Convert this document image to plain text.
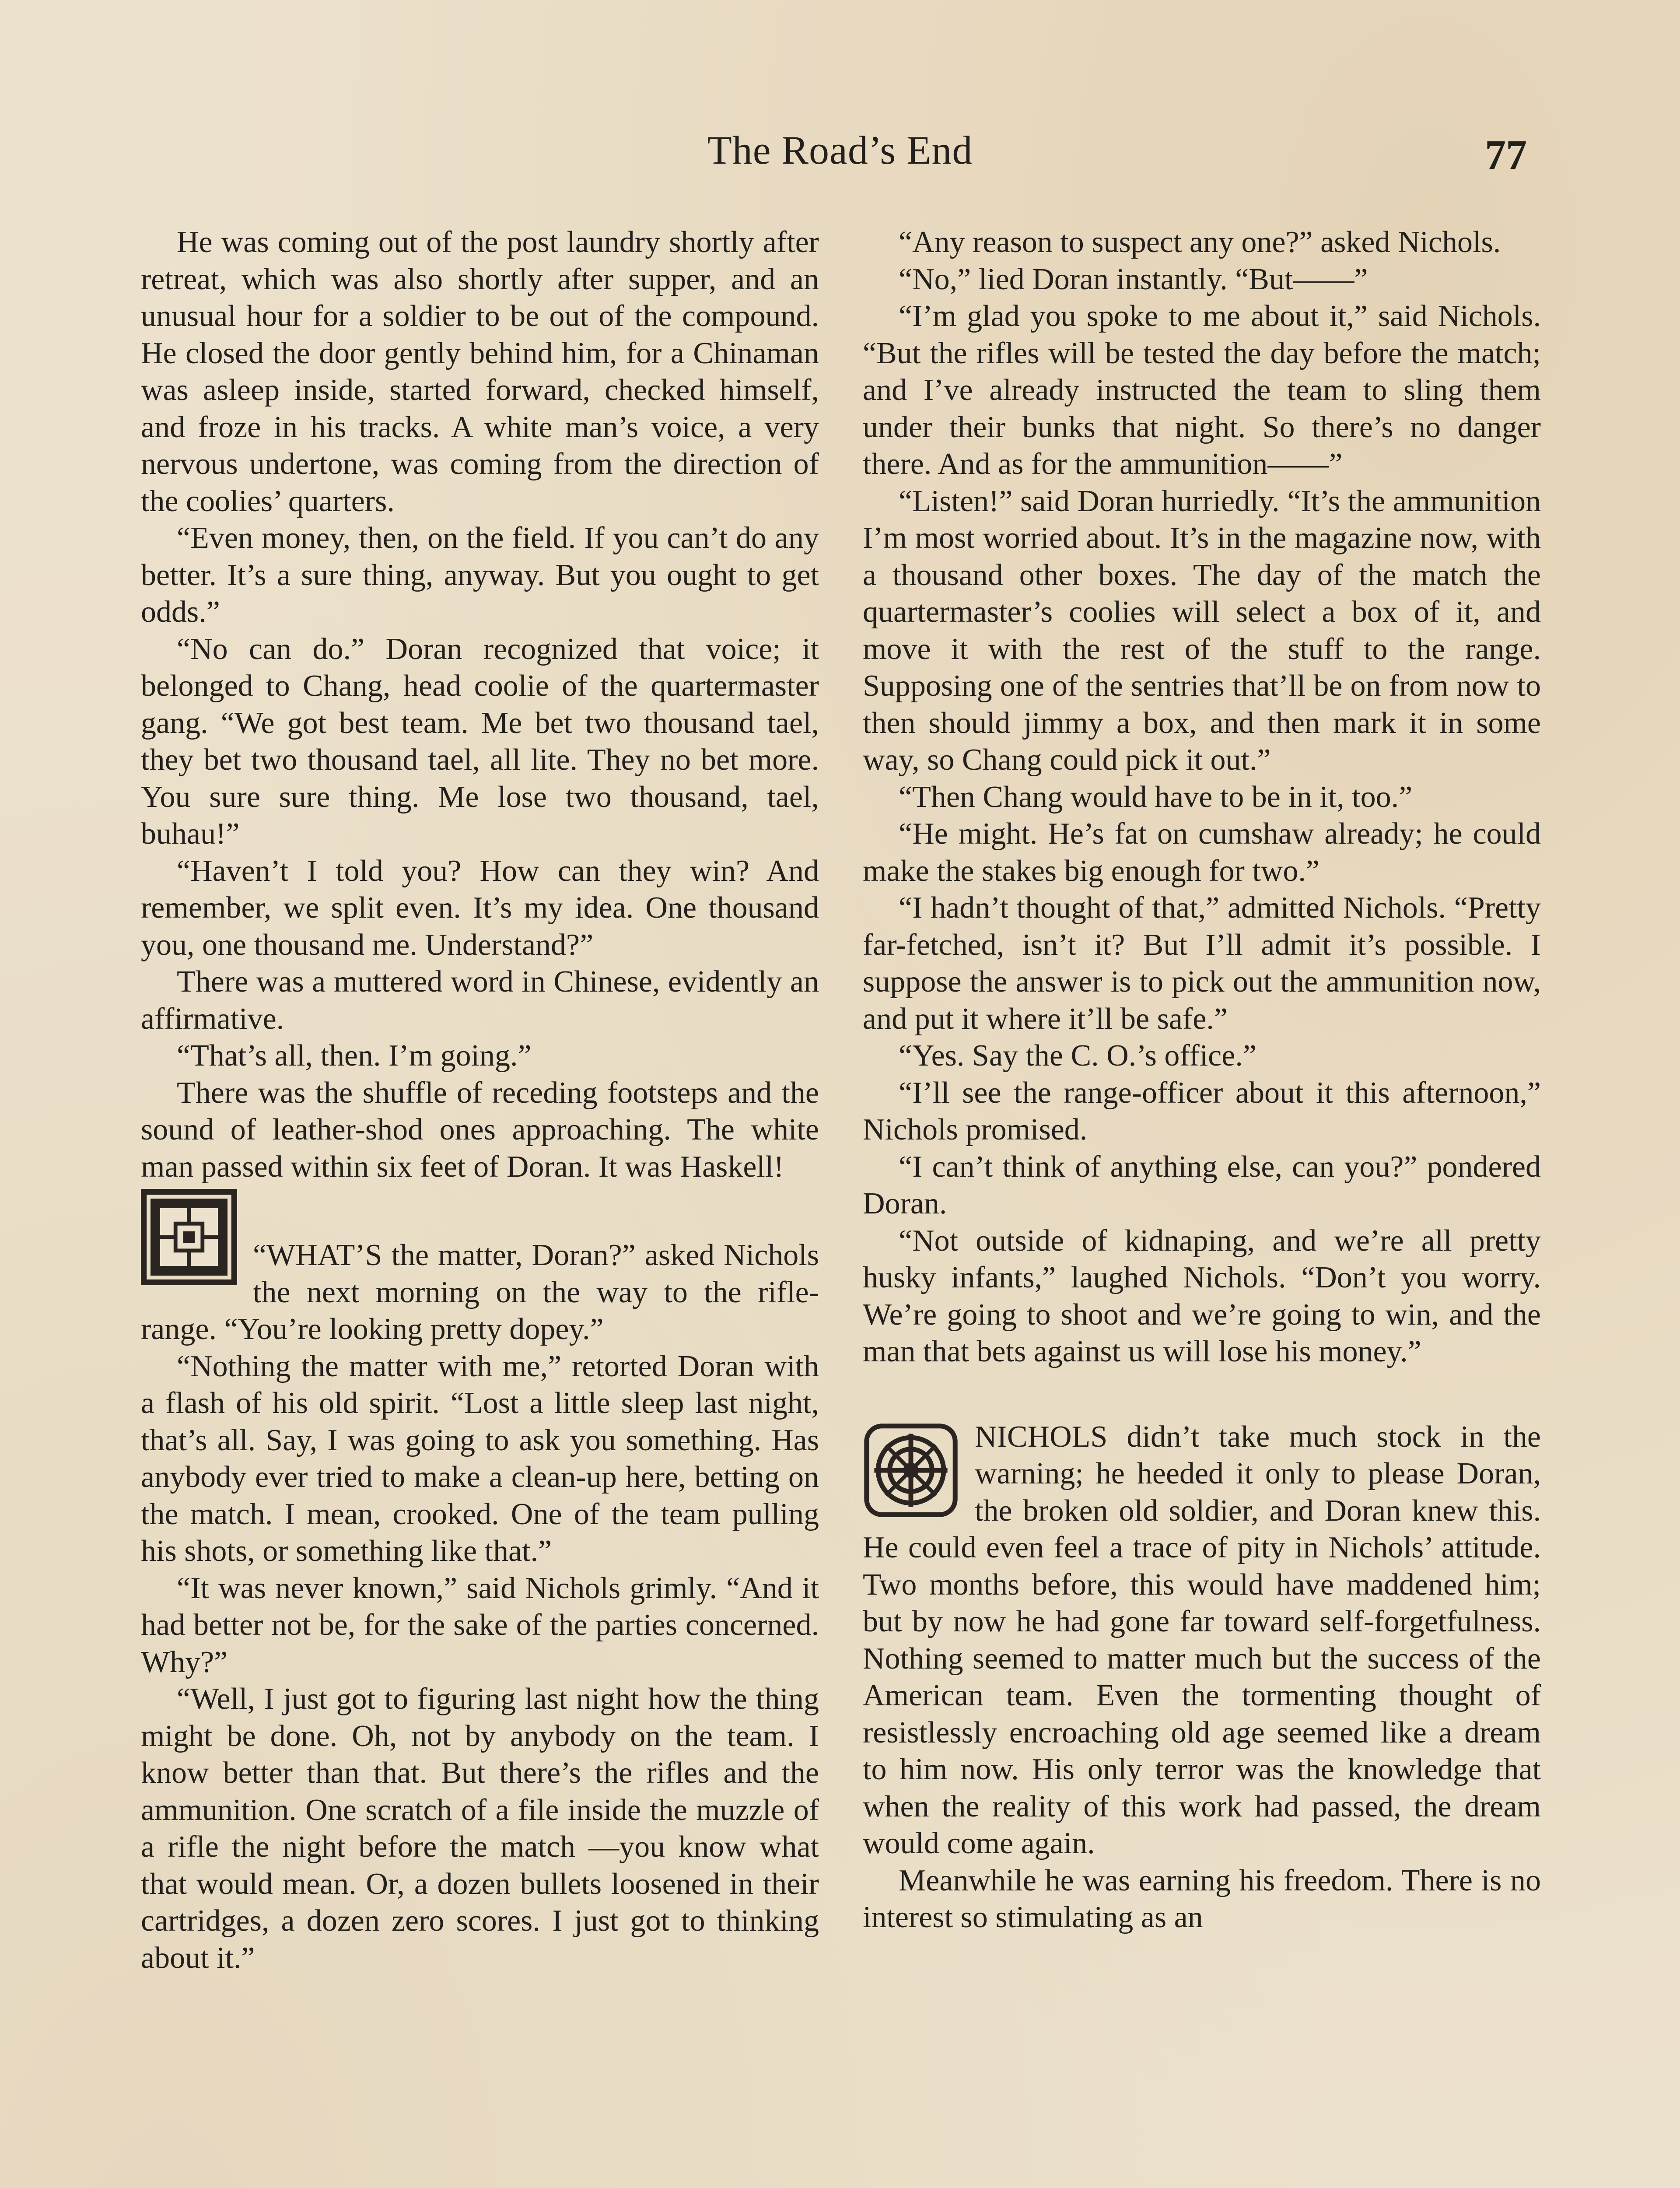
The Road’s End	77

He was coming out of the post laundry shortly after retreat, which was also shortly after supper, and an unusual hour for a soldier to be out of the compound. He closed the door gently behind him, for a Chinaman was asleep inside, started forward, checked himself, and froze in his tracks. A white man’s voice, a very nervous undertone, was coming from the direction of the coolies’ quarters.

“Even money, then, on the field. If you can’t do any better. It’s a sure thing, anyway. But you ought to get odds.”

“No can do.” Doran recognized that voice; it belonged to Chang, head coolie of the quartermaster gang. “We got best team. Me bet two thousand tael, they bet two thousand tael, all lite. They no bet more. You sure sure thing. Me lose two thousand, tael, buhau!”

“Haven’t I told you? How can they win? And remember, we split even. It’s my idea. One thousand you, one thousand me. Understand?”

There was a muttered word in Chinese, evidently an affirmative.

“That’s all, then. I’m going.”

There was the shuffle of receding footsteps and the sound of leather-shod ones approaching. The white man passed within six feet of Doran. It was Haskell!

“WHAT’S the matter, Doran?” asked Nichols the next morning on the way to the rifle-range. “You’re looking pretty dopey.”

“Nothing the matter with me,” retorted Doran with a flash of his old spirit. “Lost a little sleep last night, that’s all. Say, I was going to ask you something. Has anybody ever tried to make a clean-up here, betting on the match. I mean, crooked. One of the team pulling his shots, or something like that.”

“It was never known,” said Nichols grimly. “And it had better not be, for the sake of the parties concerned. Why?”

“Well, I just got to figuring last night how the thing might be done. Oh, not by anybody on the team. I know better than that. But there’s the rifles and the ammunition. One scratch of a file inside the muzzle of a rifle the night before the match —you know what that would mean. Or, a dozen bullets loosened in their cartridges, a dozen zero scores. I just got to thinking about it.”

“Any reason to suspect any one?” asked Nichols.

“No,” lied Doran instantly. “But——”

“I’m glad you spoke to me about it,” said Nichols. “But the rifles will be tested the day before the match; and I’ve already instructed the team to sling them under their bunks that night. So there’s no danger there. And as for the ammunition——”

“Listen!” said Doran hurriedly. “It’s the ammunition I’m most worried about. It’s in the magazine now, with a thousand other boxes. The day of the match the quartermaster’s coolies will select a box of it, and move it with the rest of the stuff to the range. Supposing one of the sentries that’ll be on from now to then should jimmy a box, and then mark it in some way, so Chang could pick it out.”

“Then Chang would have to be in it, too.”

“He might. He’s fat on cumshaw already; he could make the stakes big enough for two.”

“I hadn’t thought of that,” admitted Nichols. “Pretty far-fetched, isn’t it? But I’ll admit it’s possible. I suppose the answer is to pick out the ammunition now, and put it where it’ll be safe.”

“Yes. Say the C. O.’s office.”

“I’ll see the range-officer about it this afternoon,” Nichols promised.

“I can’t think of anything else, can you?” pondered Doran.

“Not outside of kidnaping, and we’re all pretty husky infants,” laughed Nichols. “Don’t you worry. We’re going to shoot and we’re going to win, and the man that bets against us will lose his money.”

NICHOLS didn’t take much stock in the warning; he heeded it only to please Doran, the broken old soldier, and Doran knew this. He could even feel a trace of pity in Nichols’ attitude. Two months before, this would have maddened him; but by now he had gone far toward self-forgetfulness. Nothing seemed to matter much but the success of the American team. Even the tormenting thought of resistlessly encroaching old age seemed like a dream to him now. His only terror was the knowledge that when the reality of this work had passed, the dream would come again.

Meanwhile he was earning his freedom. There is no interest so stimulating as an
